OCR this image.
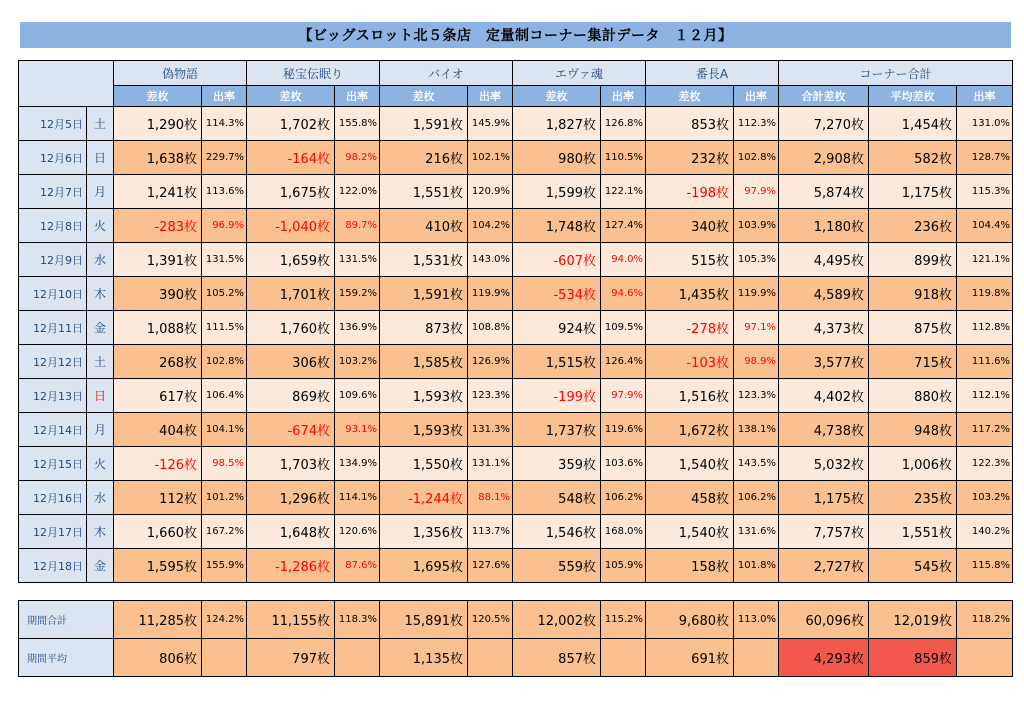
【ビッグスロット北５条店　定量制コーナー集計データ　１２月】
		偽物語		秘宝伝眠り		バイオ		エヴァ魂		番長A		コーナー合計		
		差枚	出率	差枚	出率	差枚	出率	差枚	出率	差枚	出率	合計差枚	平均差枚	出率
12月5日	土	1,290枚	114.3%	1,702枚	155.8%	1,591枚	145.9%	1,827枚	126.8%	853枚	112.3%	7,270枚	1,454枚	131.0%
12月6日	日	1,638枚	229.7%	-164枚	98.2%	216枚	102.1%	980枚	110.5%	232枚	102.8%	2,908枚	582枚	128.7%
12月7日	月	1,241枚	113.6%	1,675枚	122.0%	1,551枚	120.9%	1,599枚	122.1%	-198枚	97.9%	5,874枚	1,175枚	115.3%
12月8日	火	-283枚	96.9%	-1,040枚	89.7%	410枚	104.2%	1,748枚	127.4%	340枚	103.9%	1,180枚	236枚	104.4%
12月9日	水	1,391枚	131.5%	1,659枚	131.5%	1,531枚	143.0%	-607枚	94.0%	515枚	105.3%	4,495枚	899枚	121.1%
12月10日	木	390枚	105.2%	1,701枚	159.2%	1,591枚	119.9%	-534枚	94.6%	1,435枚	119.9%	4,589枚	918枚	119.8%
12月11日	金	1,088枚	111.5%	1,760枚	136.9%	873枚	108.8%	924枚	109.5%	-278枚	97.1%	4,373枚	875枚	112.8%
12月12日	土	268枚	102.8%	306枚	103.2%	1,585枚	126.9%	1,515枚	126.4%	-103枚	98.9%	3,577枚	715枚	111.6%
12月13日	日	617枚	106.4%	869枚	109.6%	1,593枚	123.3%	-199枚	97.9%	1,516枚	123.3%	4,402枚	880枚	112.1%
12月14日	月	404枚	104.1%	-674枚	93.1%	1,593枚	131.3%	1,737枚	119.6%	1,672枚	138.1%	4,738枚	948枚	117.2%
12月15日	火	-126枚	98.5%	1,703枚	134.9%	1,550枚	131.1%	359枚	103.6%	1,540枚	143.5%	5,032枚	1,006枚	122.3%
12月16日	水	112枚	101.2%	1,296枚	114.1%	-1,244枚	88.1%	548枚	106.2%	458枚	106.2%	1,175枚	235枚	103.2%
12月17日	木	1,660枚	167.2%	1,648枚	120.6%	1,356枚	113.7%	1,546枚	168.0%	1,540枚	131.6%	7,757枚	1,551枚	140.2%
12月18日	金	1,595枚	155.9%	-1,286枚	87.6%	1,695枚	127.6%	559枚	105.9%	158枚	101.8%	2,727枚	545枚	115.8%
期間合計	11,285枚	124.2%	11,155枚	118.3%	15,891枚	120.5%	12,002枚	115.2%	9,680枚	113.0%	60,096枚	12,019枚	118.2%
期間平均	806枚		797枚		1,135枚		857枚		691枚		4,293枚	859枚	
